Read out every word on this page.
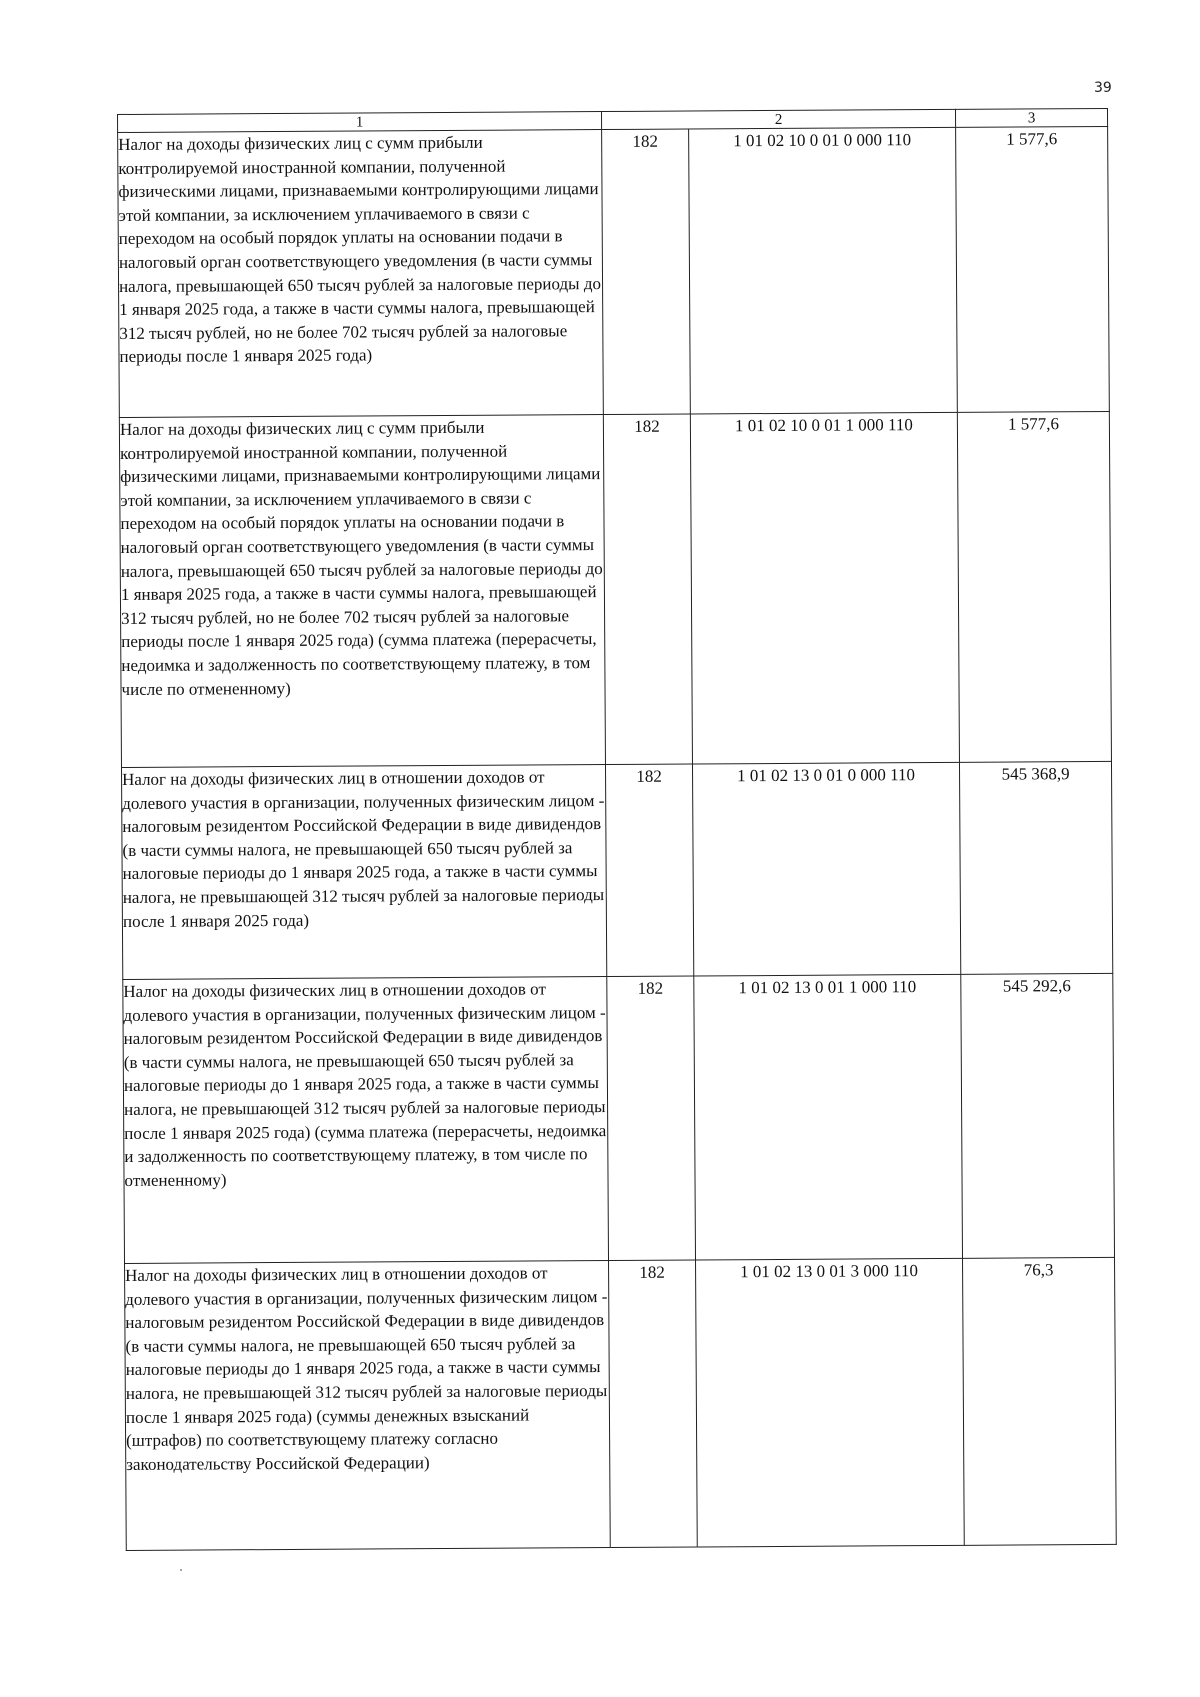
39
1	2		3
Налог на доходы физических лиц с сумм прибыли контролируемой иностранной компании, полученной физическими лицами, признаваемыми контролирующими лицами этой компании, за исключением уплачиваемого в связи с переходом на особый порядок уплаты на основании подачи в налоговый орган соответствующего уведомления (в части суммы налога, превышающей 650 тысяч рублей за налоговые периоды до 1 января 2025 года, а также в части суммы налога, превышающей 312 тысяч рублей, но не более 702 тысяч рублей за налоговые периоды после 1 января 2025 года)	182	1 01 02 10 0 01 0 000 110	1 577,6
Налог на доходы физических лиц с сумм прибыли контролируемой иностранной компании, полученной физическими лицами, признаваемыми контролирующими лицами этой компании, за исключением уплачиваемого в связи с переходом на особый порядок уплаты на основании подачи в налоговый орган соответствующего уведомления (в части суммы налога, превышающей 650 тысяч рублей за налоговые периоды до 1 января 2025 года, а также в части суммы налога, превышающей 312 тысяч рублей, но не более 702 тысяч рублей за налоговые периоды после 1 января 2025 года) (сумма платежа (перерасчеты, недоимка и задолженность по соответствующему платежу, в том числе по отмененному)	182	1 01 02 10 0 01 1 000 110	1 577,6
Налог на доходы физических лиц в отношении доходов от долевого участия в организации, полученных физическим лицом - налоговым резидентом Российской Федерации в виде дивидендов (в части суммы налога, не превышающей 650 тысяч рублей за налоговые периоды до 1 января 2025 года, а также в части суммы налога, не превышающей 312 тысяч рублей за налоговые периоды после 1 января 2025 года)	182	1 01 02 13 0 01 0 000 110	545 368,9
Налог на доходы физических лиц в отношении доходов от долевого участия в организации, полученных физическим лицом - налоговым резидентом Российской Федерации в виде дивидендов (в части суммы налога, не превышающей 650 тысяч рублей за налоговые периоды до 1 января 2025 года, а также в части суммы налога, не превышающей 312 тысяч рублей за налоговые периоды после 1 января 2025 года) (сумма платежа (перерасчеты, недоимка и задолженность по соответствующему платежу, в том числе по отмененному)	182	1 01 02 13 0 01 1 000 110	545 292,6
Налог на доходы физических лиц в отношении доходов от долевого участия в организации, полученных физическим лицом - налоговым резидентом Российской Федерации в виде дивидендов (в части суммы налога, не превышающей 650 тысяч рублей за налоговые периоды до 1 января 2025 года, а также в части суммы налога, не превышающей 312 тысяч рублей за налоговые периоды после 1 января 2025 года) (суммы денежных взысканий (штрафов) по соответствующему платежу согласно законодательству Российской Федерации)	182	1 01 02 13 0 01 3 000 110	76,3
